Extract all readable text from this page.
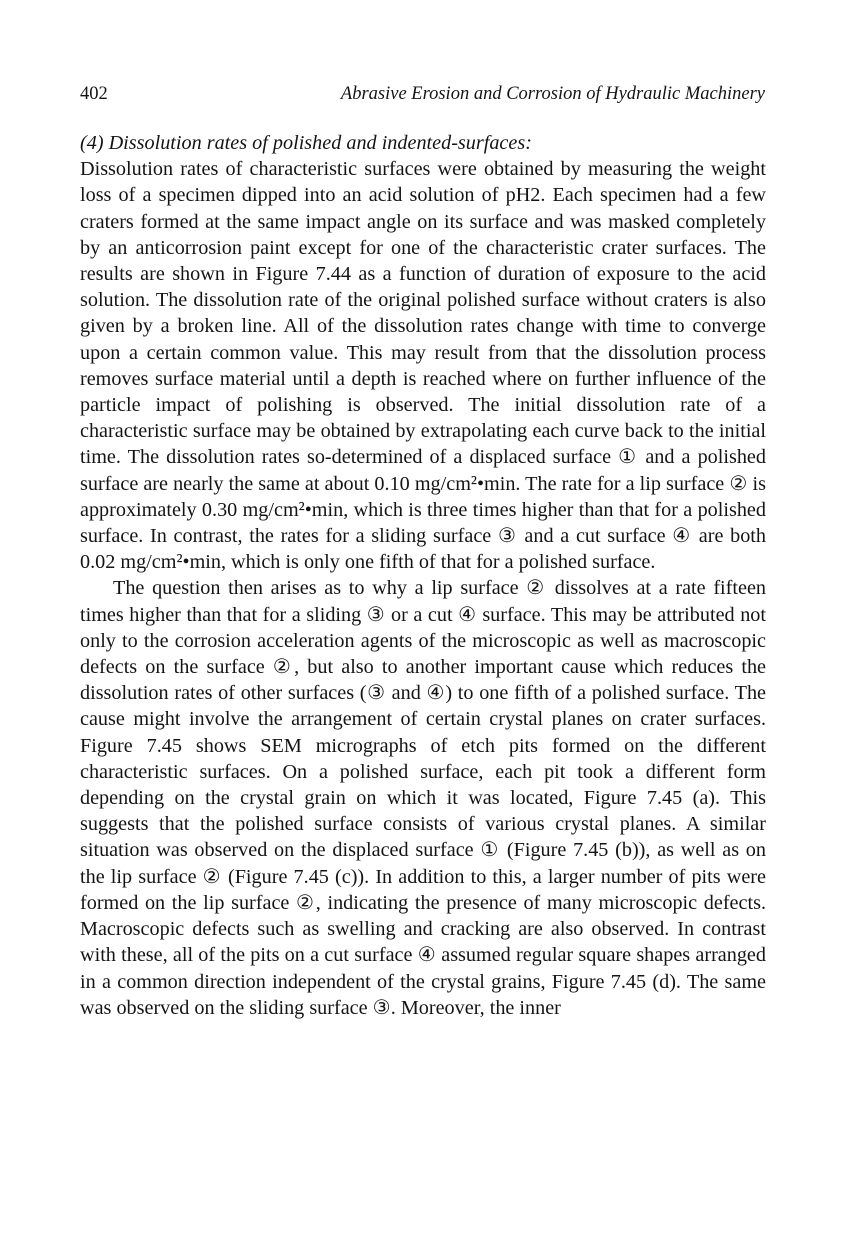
402	Abrasive Erosion and Corrosion of Hydraulic Machinery

(4) Dissolution rates of polished and indented-surfaces:

Dissolution rates of characteristic surfaces were obtained by measuring the weight loss of a specimen dipped into an acid solution of pH2. Each specimen had a few craters formed at the same impact angle on its surface and was masked completely by an anticorrosion paint except for one of the characteristic crater surfaces. The results are shown in Figure 7.44 as a function of duration of exposure to the acid solution. The dissolution rate of the original polished surface without craters is also given by a broken line. All of the dissolution rates change with time to converge upon a certain common value. This may result from that the dissolution process removes surface material until a depth is reached where on further influence of the particle impact of polishing is observed. The initial dissolution rate of a characteristic surface may be obtained by extrapolating each curve back to the initial time. The dissolution rates so-determined of a displaced surface ① and a polished surface are nearly the same at about 0.10 mg/cm²•min. The rate for a lip surface ② is approximately 0.30 mg/cm²•min, which is three times higher than that for a polished surface. In contrast, the rates for a sliding surface ③ and a cut surface ④ are both 0.02 mg/cm²•min, which is only one fifth of that for a polished surface.

The question then arises as to why a lip surface ② dissolves at a rate fifteen times higher than that for a sliding ③ or a cut ④ surface. This may be attributed not only to the corrosion acceleration agents of the microscopic as well as macroscopic defects on the surface ②, but also to another important cause which reduces the dissolution rates of other surfaces (③ and ④) to one fifth of a polished surface. The cause might involve the arrangement of certain crystal planes on crater surfaces. Figure 7.45 shows SEM micrographs of etch pits formed on the different characteristic surfaces. On a polished surface, each pit took a different form depending on the crystal grain on which it was located, Figure 7.45 (a). This suggests that the polished surface consists of various crystal planes. A similar situation was observed on the displaced surface ① (Figure 7.45 (b)), as well as on the lip surface ② (Figure 7.45 (c)). In addition to this, a larger number of pits were formed on the lip surface ②, indicating the presence of many microscopic defects. Macroscopic defects such as swelling and cracking are also observed. In contrast with these, all of the pits on a cut surface ④ assumed regular square shapes arranged in a common direction independent of the crystal grains, Figure 7.45 (d). The same was observed on the sliding surface ③. Moreover, the inner
